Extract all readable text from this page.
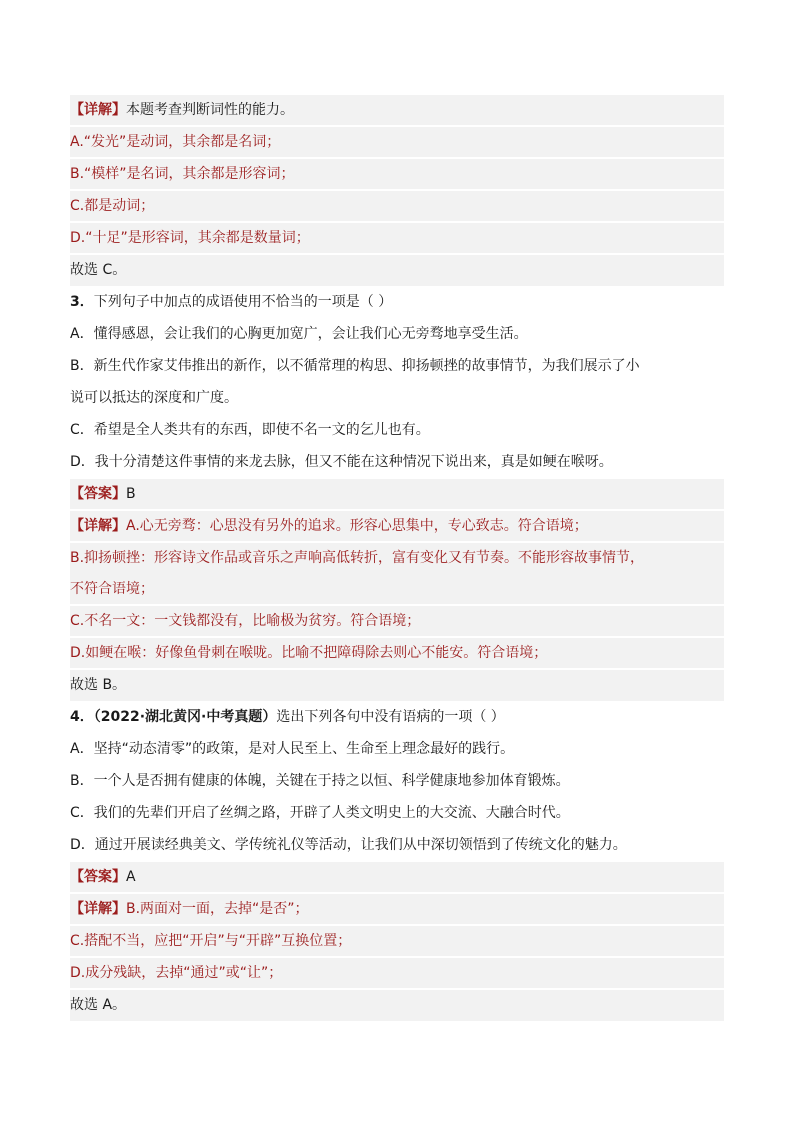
【详解】本题考查判断词性的能力。
A.“发光”是动词，其余都是名词；
B.“模样”是名词，其余都是形容词；
C.都是动词；
D.“十足”是形容词，其余都是数量词；
故选 C。
3．下列句子中加点的成语使用不恰当的一项是（ ）
A．懂得感恩，会让我们的心胸更加宽广，会让我们心无旁骛地享受生活。
B．新生代作家艾伟推出的新作，以不循常理的构思、抑扬顿挫的故事情节，为我们展示了小
说可以抵达的深度和广度。
C．希望是全人类共有的东西，即使不名一文的乞儿也有。
D．我十分清楚这件事情的来龙去脉，但又不能在这种情况下说出来，真是如鲠在喉呀。
【答案】B
【详解】A.心无旁骛：心思没有另外的追求。形容心思集中，专心致志。符合语境；
B.抑扬顿挫：形容诗文作品或音乐之声响高低转折，富有变化又有节奏。不能形容故事情节，
不符合语境；
C.不名一文：一文钱都没有，比喻极为贫穷。符合语境；
D.如鲠在喉：好像鱼骨刺在喉咙。比喻不把障碍除去则心不能安。符合语境；
故选 B。
4．（2022·湖北黄冈·中考真题）选出下列各句中没有语病的一项（ ）
A．坚持“动态清零”的政策，是对人民至上、生命至上理念最好的践行。
B．一个人是否拥有健康的体魄，关键在于持之以恒、科学健康地参加体育锻炼。
C．我们的先辈们开启了丝绸之路，开辟了人类文明史上的大交流、大融合时代。
D．通过开展读经典美文、学传统礼仪等活动，让我们从中深切领悟到了传统文化的魅力。
【答案】A
【详解】B.两面对一面，去掉“是否”；
C.搭配不当，应把“开启”与“开辟”互换位置；
D.成分残缺，去掉“通过”或“让”；
故选 A。
